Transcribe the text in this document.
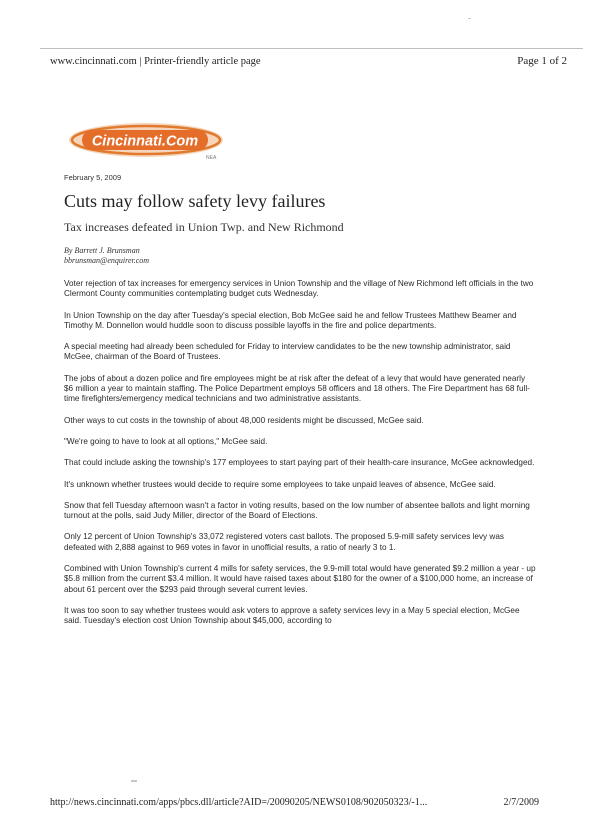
www.cincinnati.com | Printer-friendly article page	Page 1 of 2
Cincinnati.Com
NEA
February 5, 2009
Cuts may follow safety levy failures
Tax increases defeated in Union Twp. and New Richmond
By Barrett J. Brunsman
bbrunsman@enquirer.com

Voter rejection of tax increases for emergency services in Union Township and the village of New Richmond left officials in the two Clermont County communities contemplating budget cuts Wednesday.

In Union Township on the day after Tuesday's special election, Bob McGee said he and fellow Trustees Matthew Beamer and Timothy M. Donnellon would huddle soon to discuss possible layoffs in the fire and police departments.

A special meeting had already been scheduled for Friday to interview candidates to be the new township administrator, said McGee, chairman of the Board of Trustees.

The jobs of about a dozen police and fire employees might be at risk after the defeat of a levy that would have generated nearly $6 million a year to maintain staffing. The Police Department employs 58 officers and 18 others. The Fire Department has 68 full-time firefighters/emergency medical technicians and two administrative assistants.

Other ways to cut costs in the township of about 48,000 residents might be discussed, McGee said.

"We're going to have to look at all options," McGee said.

That could include asking the township's 177 employees to start paying part of their health-care insurance, McGee acknowledged.

It's unknown whether trustees would decide to require some employees to take unpaid leaves of absence, McGee said.

Snow that fell Tuesday afternoon wasn't a factor in voting results, based on the low number of absentee ballots and light morning turnout at the polls, said Judy Miller, director of the Board of Elections.

Only 12 percent of Union Township's 33,072 registered voters cast ballots. The proposed 5.9-mill safety services levy was defeated with 2,888 against to 969 votes in favor in unofficial results, a ratio of nearly 3 to 1.

Combined with Union Township's current 4 mills for safety services, the 9.9-mill total would have generated $9.2 million a year - up $5.8 million from the current $3.4 million. It would have raised taxes about $180 for the owner of a $100,000 home, an increase of about 61 percent over the $293 paid through several current levies.

It was too soon to say whether trustees would ask voters to approve a safety services levy in a May 5 special election, McGee said. Tuesday's election cost Union Township about $45,000, according to

http://news.cincinnati.com/apps/pbcs.dll/article?AID=/20090205/NEWS0108/902050323/-1...	2/7/2009
